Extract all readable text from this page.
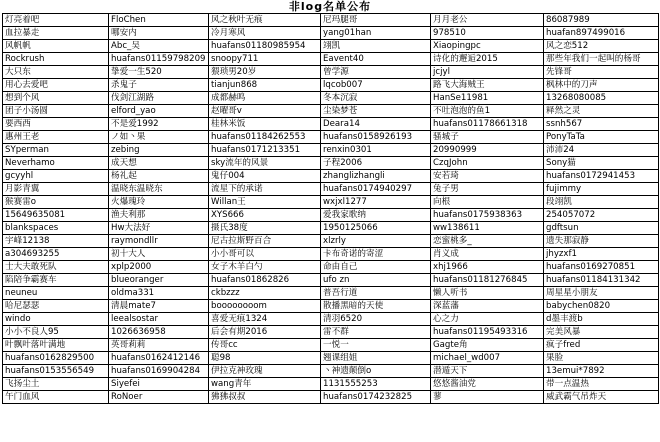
非log名单公布
灯亮着吧	FloChen	风之秋叶无痕	尼玛腿哥	月月老公	86087989
血拉暴走	哪安内	冷月寒风	yang01han	978510	huafan897499016
风帆帆	Abc_吴	huafans01180985954	翊凯	Xiaopingpc	风之恋512
Rockrush	huafans01159798209	snoopy711	Eavent40	诗化的邂逅2015	那些年我们一起叫的杨哥
大只东	挚爱一生520	猥琐男20岁	曾学源	jcjyl	先锋哥
用心去爱吧	杀鬼子	tianjun868	lqcob007	路飞大海贼王	枫林中的刀声
想到个风	伐剑江湖路	成都赫鸣	冬本沉寂	HanSe11981	13268080085
团子小汤圆	elford_yao	赵曜哥v	尘染梦苍	不吐泡泡的鱼1	释然之灵
要西西	不是爱1992	桂林米饭	Deara14	huafans01178661318	ssnh567
惠州王老	ノ如丶果	huafans01184262553	huafans0158926193	骚城子	PonyTaTa
SYperman	zebing	huafans0171213351	renxin0301	20990999	沛沛24
Neverhamo	成天想	sky流年的风景	子程2006	CzqJohn	Sony猫
gcyyhl	杨礼起	鬼仔004	zhanglizhangli	安若琦	huafans0172941453
月影青翼	温晓东温晓东	流星下的承诺	huafans0174940297	兔子男	fujimmy
猴赛雷o	火爆瑰玲	Willan王	wxjxl1277	向根	段翊凯
15649635081	渔夫利那	XYS666	爱我家歌纳	huafans0175938363	254057072
blankspaces	Hw大法好	摄氏38度	1950125066	ww138611	gdftsun
宇峰12138	raymondllr	尼古拉斯野百合	xlzrly	恋蜜桃多_	遗失那寂静
a304693255	初十大人	小小哥可以	卡布奇诺的寄涩	肖义成	jhyzxf1
士大夫敢死队	xplp2000	女子木羊白勺	命由自己	xhj1966	huafans0169270851
陷陪争霸赛车	blueoranger	huafans01862826	ufo zn	huafans01181276845	huafans01184131342
neuneu	oldma331	ckbzzz	普吾行道	懒人听书	周星星小朋友
哈尼瑟瑟	清晨mate7	boooooooom	散播黑暗的天使	深蓝藩	babychen0820
windo	leealsostar	喜爱无痕1324	清羽6520	心之力	d墨丰渡b
小小不良人95	1026636958	后会有期2016	雷不群	huafans01195493316	完美风暴
叶飘叶落叶满地	英哥莉莉	传哥cc	一悦一	Gagte角	疯子fred
huafans0162829500	huafans0162412146	聪98	翘课组姐	michael_wd007	果脸
huafans0153556549	huafans0169904284	伊拉克神玫瑰	丶神遗颠倒o	潜遁天下	13emui*7892
飞扬尘土	Siyefei	wang青年	1131555253	悠悠酱油党	带一点温热
午门血风	RoNoer	狒狒叔叔	huafans0174232825	蓼	威武霸气吊炸天
